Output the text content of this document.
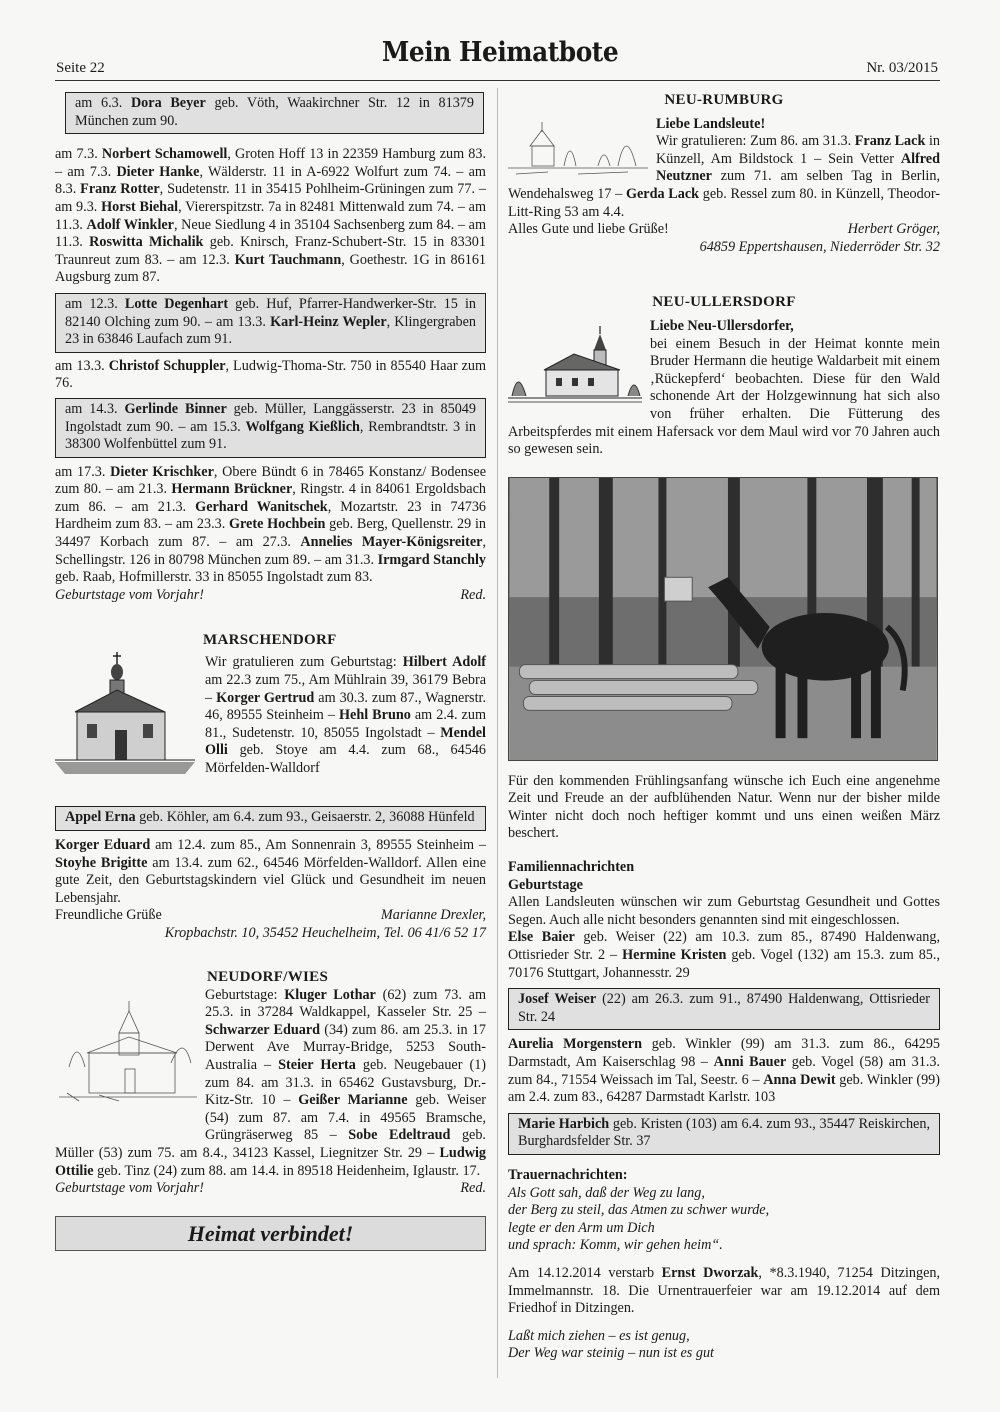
Seite 22	Mein Heimatbote	Nr. 03/2015
am 6.3. Dora Beyer geb. Vöth, Waakirchner Str. 12 in 81379 München zum 90.
am 7.3. Norbert Schamowell, Groten Hoff 13 in 22359 Hamburg zum 83. – am 7.3. Dieter Hanke, Wälderstr. 11 in A-6922 Wolfurt zum 74. – am 8.3. Franz Rotter, Sudetenstr. 11 in 35415 Pohlheim-Grüningen zum 77. – am 9.3. Horst Biehal, Viererspitzstr. 7a in 82481 Mittenwald zum 74. – am 11.3. Adolf Winkler, Neue Siedlung 4 in 35104 Sachsenberg zum 84. – am 11.3. Roswitta Michalik geb. Knirsch, Franz-Schubert-Str. 15 in 83301 Traunreut zum 83. – am 12.3. Kurt Tauchmann, Goethestr. 1G in 86161 Augsburg zum 87.
am 12.3. Lotte Degenhart geb. Huf, Pfarrer-Handwerker-Str. 15 in 82140 Olching zum 90. – am 13.3. Karl-Heinz Wepler, Klingergraben 23 in 63846 Laufach zum 91.
am 13.3. Christof Schuppler, Ludwig-Thoma-Str. 750 in 85540 Haar zum 76.
am 14.3. Gerlinde Binner geb. Müller, Langgässerstr. 23 in 85049 Ingolstadt zum 90. – am 15.3. Wolfgang Kießlich, Rembrandtstr. 3 in 38300 Wolfenbüttel zum 91.
am 17.3. Dieter Krischker, Obere Bündt 6 in 78465 Konstanz/ Bodensee zum 80. – am 21.3. Hermann Brückner, Ringstr. 4 in 84061 Ergoldsbach zum 86. – am 21.3. Gerhard Wanitschek, Mozartstr. 23 in 74736 Hardheim zum 83. – am 23.3. Grete Hochbein geb. Berg, Quellenstr. 29 in 34497 Korbach zum 87. – am 27.3. Annelies Mayer-Königsreiter, Schellingstr. 126 in 80798 München zum 89. – am 31.3. Irmgard Stanchly geb. Raab, Hofmillerstr. 33 in 85055 Ingolstadt zum 83.
Geburtstage vom Vorjahr!	Red.
MARSCHENDORF
Wir gratulieren zum Geburtstag: Hilbert Adolf am 22.3 zum 75., Am Mühlrain 39, 36179 Bebra – Korger Gertrud am 30.3. zum 87., Wagnerstr. 46, 89555 Steinheim – Hehl Bruno am 2.4. zum 81., Sudetenstr. 10, 85055 Ingolstadt – Mendel Olli geb. Stoye am 4.4. zum 68., 64546 Mörfelden-Walldorf
Appel Erna geb. Köhler, am 6.4. zum 93., Geisaerstr. 2, 36088 Hünfeld
Korger Eduard am 12.4. zum 85., Am Sonnenrain 3, 89555 Steinheim – Stoyhe Brigitte am 13.4. zum 62., 64546 Mörfelden-Walldorf. Allen eine gute Zeit, den Geburtstagskindern viel Glück und Gesundheit im neuen Lebensjahr.
Freundliche Grüße	Marianne Drexler,
Kropbachstr. 10, 35452 Heuchelheim, Tel. 06 41/6 52 17
NEUDORF/WIES
Geburtstage: Kluger Lothar (62) zum 73. am 25.3. in 37284 Waldkappel, Kasseler Str. 25 – Schwarzer Eduard (34) zum 86. am 25.3. in 17 Derwent Ave Murray-Bridge, 5253 South-Australia – Steier Herta geb. Neugebauer (1) zum 84. am 31.3. in 65462 Gustavsburg, Dr.-Kitz-Str. 10 – Geißer Marianne geb. Weiser (54) zum 87. am 7.4. in 49565 Bramsche, Grüngräserweg 85 – Sobe Edeltraud geb. Müller (53) zum 75. am 8.4., 34123 Kassel, Liegnitzer Str. 29 – Ludwig Ottilie geb. Tinz (24) zum 88. am 14.4. in 89518 Heidenheim, Iglaustr. 17.
Geburtstage vom Vorjahr!	Red.
Heimat verbindet!
NEU-RUMBURG
Liebe Landsleute!
Wir gratulieren: Zum 86. am 31.3. Franz Lack in Künzell, Am Bildstock 1 – Sein Vetter Alfred Neutzner zum 71. am selben Tag in Berlin, Wendehalsweg 17 – Gerda Lack geb. Ressel zum 80. in Künzell, Theodor-Litt-Ring 53 am 4.4.
Alles Gute und liebe Grüße!	Herbert Gröger,
64859 Eppertshausen, Niederröder Str. 32
NEU-ULLERSDORF
Liebe Neu-Ullersdorfer,
bei einem Besuch in der Heimat konnte mein Bruder Hermann die heutige Waldarbeit mit einem ‚Rückepferd‘ beobachten. Diese für den Wald schonende Art der Holzgewinnung hat sich also von früher erhalten. Die Fütterung des Arbeitspferdes mit einem Hafersack vor dem Maul wird vor 70 Jahren auch so gewesen sein.
Für den kommenden Frühlingsanfang wünsche ich Euch eine angenehme Zeit und Freude an der aufblühenden Natur. Wenn nur der bisher milde Winter nicht doch noch heftiger kommt und uns einen weißen März beschert.
Familiennachrichten
Geburtstage
Allen Landsleuten wünschen wir zum Geburtstag Gesundheit und Gottes Segen. Auch alle nicht besonders genannten sind mit eingeschlossen.
Else Baier geb. Weiser (22) am 10.3. zum 85., 87490 Haldenwang, Ottisrieder Str. 2 – Hermine Kristen geb. Vogel (132) am 15.3. zum 85., 70176 Stuttgart, Johannesstr. 29
Josef Weiser (22) am 26.3. zum 91., 87490 Haldenwang, Ottisrieder Str. 24
Aurelia Morgenstern geb. Winkler (99) am 31.3. zum 86., 64295 Darmstadt, Am Kaiserschlag 98 – Anni Bauer geb. Vogel (58) am 31.3. zum 84., 71554 Weissach im Tal, Seestr. 6 – Anna Dewit geb. Winkler (99) am 2.4. zum 83., 64287 Darmstadt Karlstr. 103
Marie Harbich geb. Kristen (103) am 6.4. zum 93., 35447 Reiskirchen, Burghardsfelder Str. 37
Trauernachrichten:
Als Gott sah, daß der Weg zu lang,
der Berg zu steil, das Atmen zu schwer wurde,
legte er den Arm um Dich
und sprach: Komm, wir gehen heim“.
Am 14.12.2014 verstarb Ernst Dworzak, *8.3.1940, 71254 Ditzingen, Immelmannstr. 18. Die Urnentrauerfeier war am 19.12.2014 auf dem Friedhof in Ditzingen.
Laßt mich ziehen – es ist genug,
Der Weg war steinig – nun ist es gut
